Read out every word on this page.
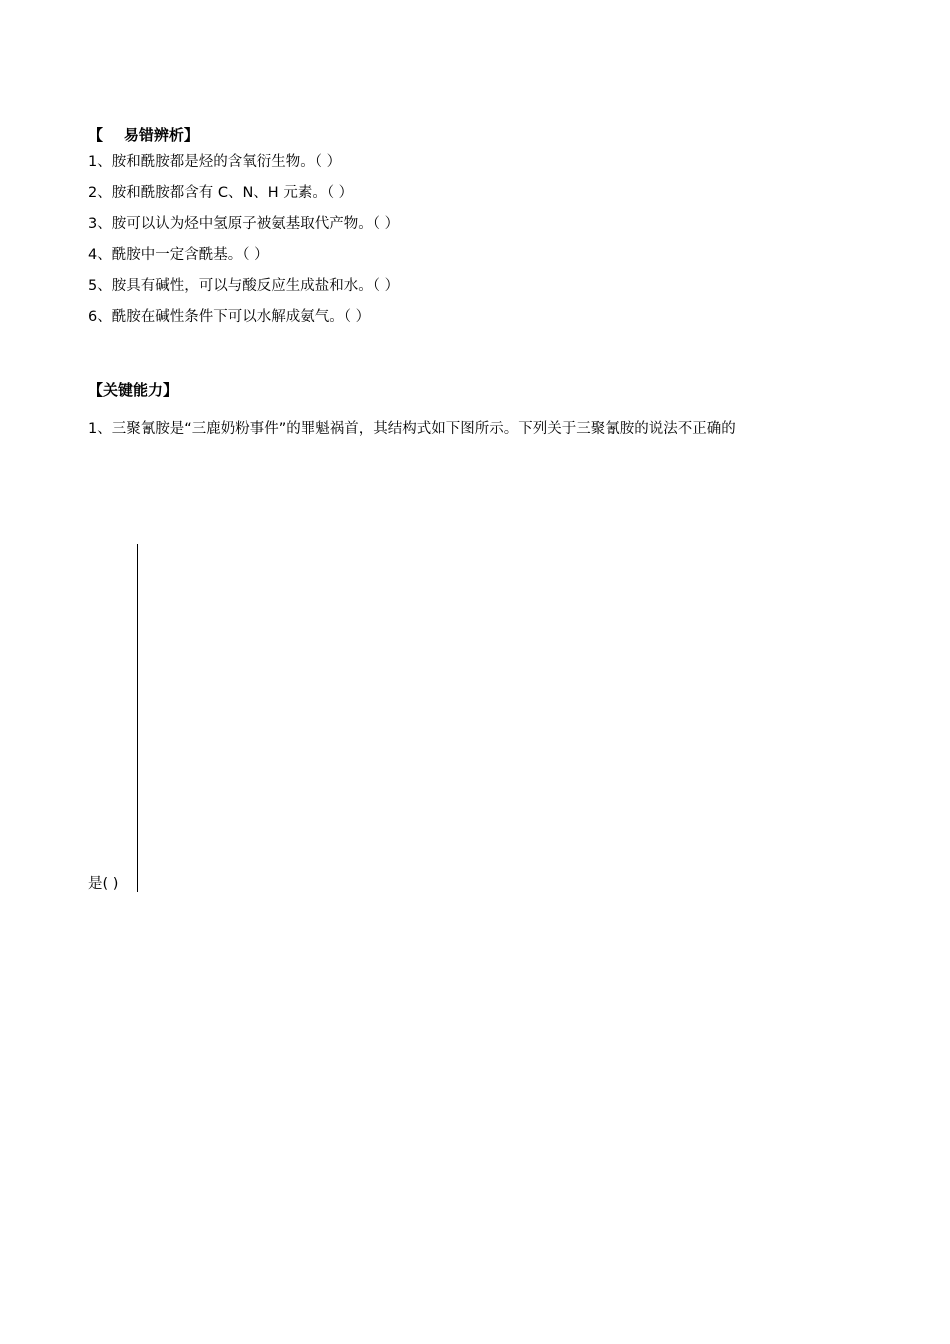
【    易错辨析】
1、胺和酰胺都是烃的含氧衍生物。（ ）
2、胺和酰胺都含有 C、N、H 元素。（ ）
3、胺可以认为烃中氢原子被氨基取代产物。（ ）
4、酰胺中一定含酰基。（ ）
5、胺具有碱性，可以与酸反应生成盐和水。（ ）
6、酰胺在碱性条件下可以水解成氨气。（ ）
【关键能力】
1、三聚氰胺是“三鹿奶粉事件”的罪魁祸首，其结构式如下图所示。下列关于三聚氰胺的说法不正确的
是( )
